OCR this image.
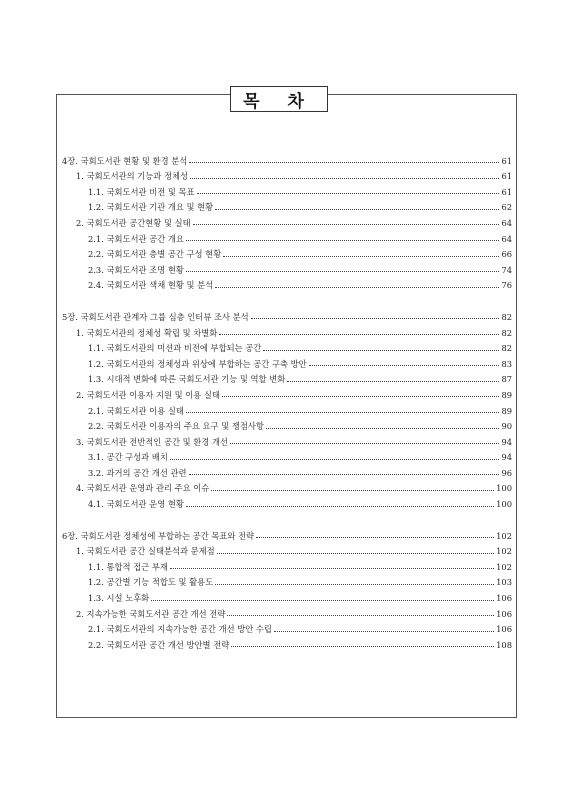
목 차
4장. 국회도서관 현황 및 환경 분석	61
1. 국회도서관의 기능과 정체성	61
1.1. 국회도서관 비전 및 목표	61
1.2. 국회도서관 기관 개요 및 현황	62
2. 국회도서관 공간현황 및 실태	64
2.1. 국회도서관 공간 개요	64
2.2. 국회도서관 층별 공간 구성 현황	66
2.3. 국회도서관 조명 현황	74
2.4. 국회도서관 색채 현황 및 분석	76
5장. 국회도서관 관계자 그룹 심층 인터뷰 조사 분석	82
1. 국회도서관의 정체성 확립 및 차별화	82
1.1. 국회도서관의 미션과 비전에 부합되는 공간	82
1.2. 국회도서관의 정체성과 위상에 부합하는 공간 구축 방안	83
1.3. 시대적 변화에 따른 국회도서관 기능 및 역할 변화	87
2. 국회도서관 이용자 지원 및 이용 실태	89
2.1. 국회도서관 이용 실태	89
2.2. 국회도서관 이용자의 주요 요구 및 쟁점사항	90
3. 국회도서관 전반적인 공간 및 환경 개선	94
3.1. 공간 구성과 배치	94
3.2. 과거의 공간 개선 관련	96
4. 국회도서관 운영과 관리 주요 이슈	100
4.1. 국회도서관 운영 현황	100
6장. 국회도서관 정체성에 부합하는 공간 목표와 전략	102
1. 국회도서관 공간 실태분석과 문제점	102
1.1. 통합적 접근 부재	102
1.2. 공간별 기능 적합도 및 활용도	103
1.3. 시설 노후화	106
2. 지속가능한 국회도서관 공간 개선 전략	106
2.1. 국회도서관의 지속가능한 공간 개선 방안 수립	106
2.2. 국회도서관 공간 개선 방안별 전략	108
